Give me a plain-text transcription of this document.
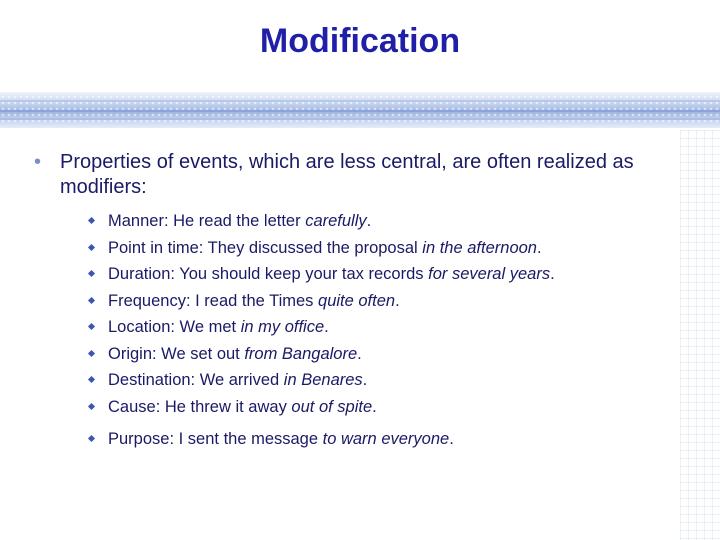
Modification
• Properties of events, which are less central, are often realized as modifiers:
Manner: He read the letter carefully.
Point in time: They discussed the proposal in the afternoon.
Duration: You should keep your tax records for several years.
Frequency: I read the Times quite often.
Location: We met in my office.
Origin: We set out from Bangalore.
Destination: We arrived in Benares.
Cause: He threw it away out of spite.
Purpose: I sent the message to warn everyone.
